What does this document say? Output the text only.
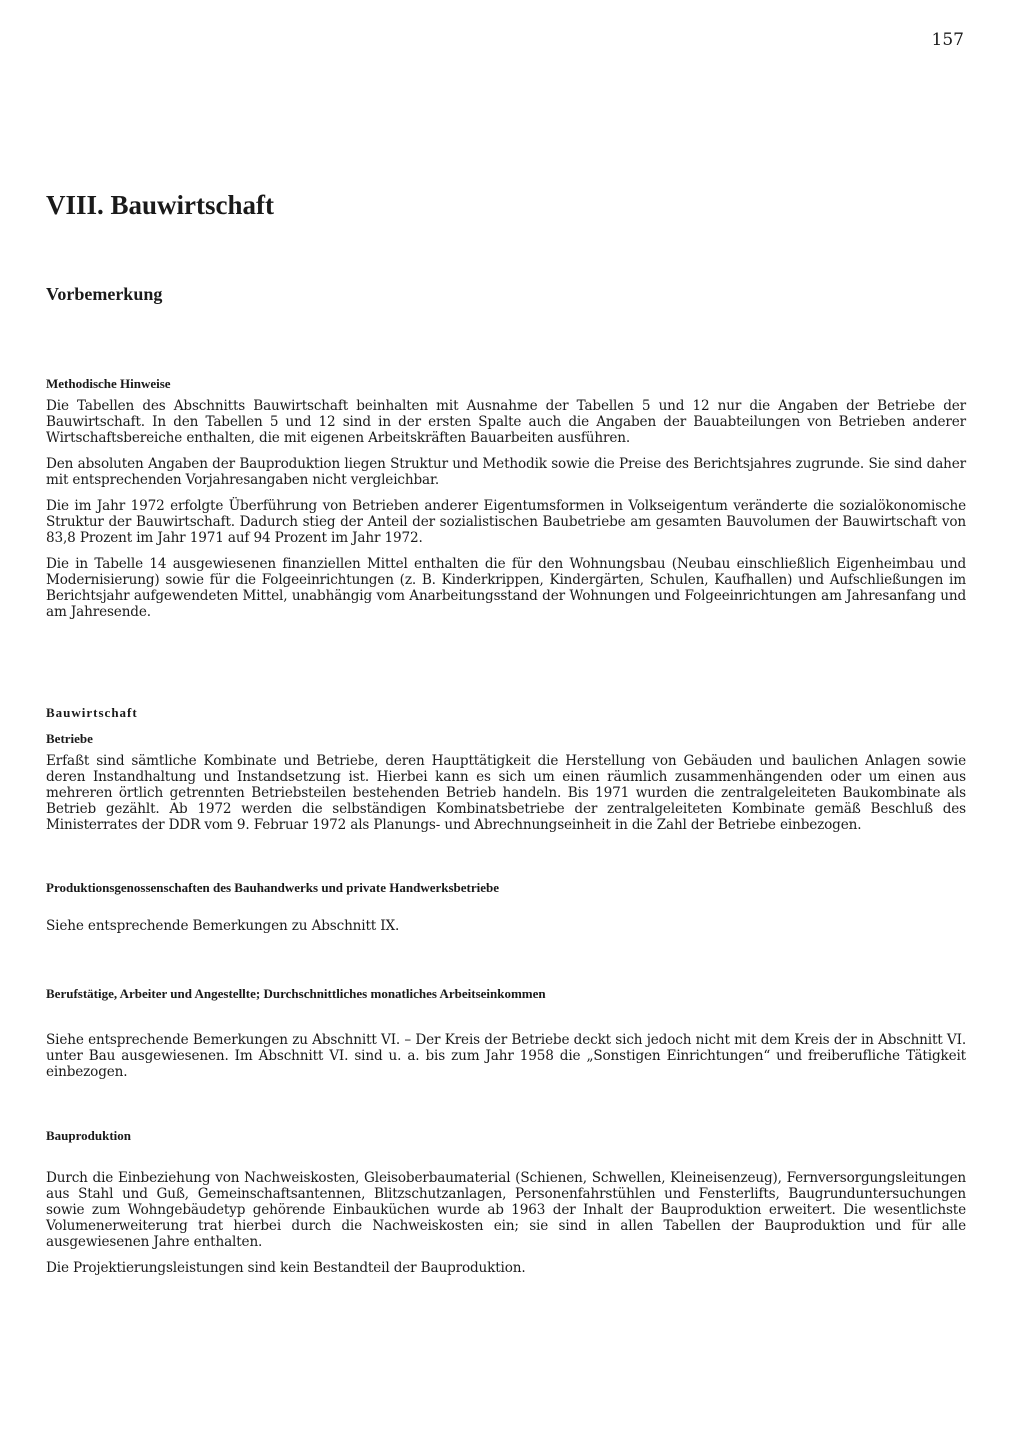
157
VIII. Bauwirtschaft
Vorbemerkung
Methodische Hinweise

Die Tabellen des Abschnitts Bauwirtschaft beinhalten mit Ausnahme der Tabellen 5 und 12 nur die Angaben der Betriebe der Bauwirtschaft. In den Tabellen 5 und 12 sind in der ersten Spalte auch die Angaben der Bauabteilungen von Betrieben anderer Wirtschaftsbereiche enthalten, die mit eigenen Arbeitskräften Bauarbeiten ausführen.

Den absoluten Angaben der Bauproduktion liegen Struktur und Methodik sowie die Preise des Berichtsjahres zugrunde. Sie sind daher mit entsprechenden Vorjahresangaben nicht vergleichbar.

Die im Jahr 1972 erfolgte Überführung von Betrieben anderer Eigentumsformen in Volkseigentum veränderte die sozialökonomische Struktur der Bauwirtschaft. Dadurch stieg der Anteil der sozialistischen Baubetriebe am gesamten Bauvolumen der Bauwirtschaft von 83,8 Prozent im Jahr 1971 auf 94 Prozent im Jahr 1972.

Die in Tabelle 14 ausgewiesenen finanziellen Mittel enthalten die für den Wohnungsbau (Neubau einschließlich Eigenheimbau und Modernisierung) sowie für die Folgeeinrichtungen (z. B. Kinderkrippen, Kindergärten, Schulen, Kaufhallen) und Aufschließungen im Berichtsjahr aufgewendeten Mittel, unabhängig vom Anarbeitungsstand der Wohnungen und Folgeeinrichtungen am Jahresanfang und am Jahresende.

Bauwirtschaft
Betriebe

Erfaßt sind sämtliche Kombinate und Betriebe, deren Haupttätigkeit die Herstellung von Gebäuden und baulichen Anlagen sowie deren Instandhaltung und Instandsetzung ist. Hierbei kann es sich um einen räumlich zusammenhängenden oder um einen aus mehreren örtlich getrennten Betriebsteilen bestehenden Betrieb handeln. Bis 1971 wurden die zentralgeleiteten Baukombinate als Betrieb gezählt. Ab 1972 werden die selbständigen Kombinatsbetriebe der zentralgeleiteten Kombinate gemäß Beschluß des Ministerrates der DDR vom 9. Februar 1972 als Planungs- und Abrechnungseinheit in die Zahl der Betriebe einbezogen.

Produktionsgenossenschaften des Bauhandwerks und private Handwerksbetriebe

Siehe entsprechende Bemerkungen zu Abschnitt IX.

Berufstätige, Arbeiter und Angestellte; Durchschnittliches monatliches Arbeitseinkommen

Siehe entsprechende Bemerkungen zu Abschnitt VI. – Der Kreis der Betriebe deckt sich jedoch nicht mit dem Kreis der in Abschnitt VI. unter Bau ausgewiesenen. Im Abschnitt VI. sind u. a. bis zum Jahr 1958 die „Sonstigen Einrichtungen“ und freiberufliche Tätigkeit einbezogen.

Bauproduktion

Durch die Einbeziehung von Nachweiskosten, Gleisoberbaumaterial (Schienen, Schwellen, Kleineisenzeug), Fernversorgungsleitungen aus Stahl und Guß, Gemeinschaftsantennen, Blitzschutzanlagen, Personenfahrstühlen und Fensterlifts, Baugrunduntersuchungen sowie zum Wohngebäudetyp gehörende Einbauküchen wurde ab 1963 der Inhalt der Bauproduktion erweitert. Die wesentlichste Volumenerweiterung trat hierbei durch die Nachweiskosten ein; sie sind in allen Tabellen der Bauproduktion und für alle ausgewiesenen Jahre enthalten.

Die Projektierungsleistungen sind kein Bestandteil der Bauproduktion.
